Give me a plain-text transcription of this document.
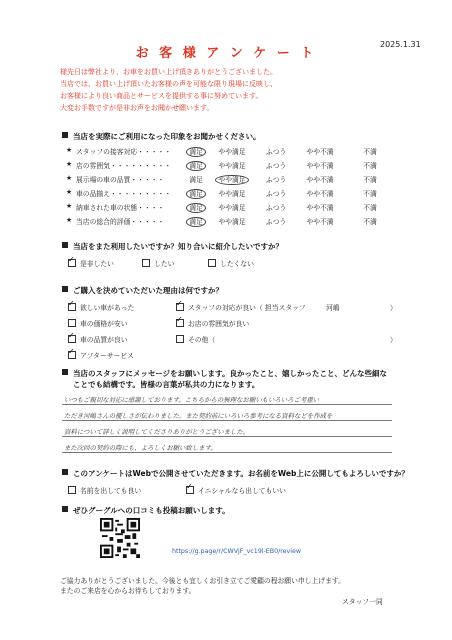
2025.1.31
お 客 様 ア ン ケ ー ト
様先日は弊社より、お車をお買い上げ頂きありがとうございました。
当店では、お買い上げ頂いたお客様の声を可能な限り現場に反映し、
お客様により良い商品とサービスを提供する事に努めています。
大変お手数ですが是非お声をお聞かせ願います。
当店を実際にご利用になった印象をお聞かせください。
★ スタッフの接客対応・・・・・	満足	やや満足	ふつう	やや不満	不満
★ 店の雰囲気・・・・・・・・・	満足	やや満足	ふつう	やや不満	不満
★ 展示場の車の品質・・・・・	満足	やや満足	ふつう	やや不満	不満
★ 車の品揃え・・・・・・・・・	満足	やや満足	ふつう	やや不満	不満
★ 納車された車の状態・・・・	満足	やや満足	ふつう	やや不満	不満
★ 当店の総合的評価・・・・・	満足	やや満足	ふつう	やや不満	不満
当店をまた利用したいですか？知り合いに紹介したいですか？
✓是非したい	したい	したくない
ご購入を決めていただいた理由は何ですか？
✓欲しい車があった
車の価格が安い
✓車の品質が良い
✓アフターサービス
✓スタッフの対応が良い（ 担当スタッフ
✓お店の雰囲気が良い
その他（
河嶋	）
）
当店のスタッフにメッセージをお願いします。良かったこと、嬉しかったこと、どんな些細な
ことでも結構です。皆様の言葉が私共の力になります。
いつもご親切な対応に感謝しております。こちらからの無理なお願いもいろいろご考慮い
ただき河嶋さんの優しさが伝わりました。また契約前にいろいろ参考になる資料などを作成を
資料について詳しく説明してくださりありがとうございました。
また次回の契約の際にも、よろしくお願い致します。
このアンケートはWebで公開させていただきます。お名前をWeb上に公開してもよろしいですか？
名前を出しても良い
✓	イニシャルなら出してもいい
ぜひグーグルへの口コミも投稿お願いします。
https://g.page/r/CWVjF_vc19l-EB0/review
ご協力ありがとうございました。今後とも宜しくお引き立てご愛顧の程お願い申し上げます。
またのご来店を心からお待ちしております。
スタッフ一同
